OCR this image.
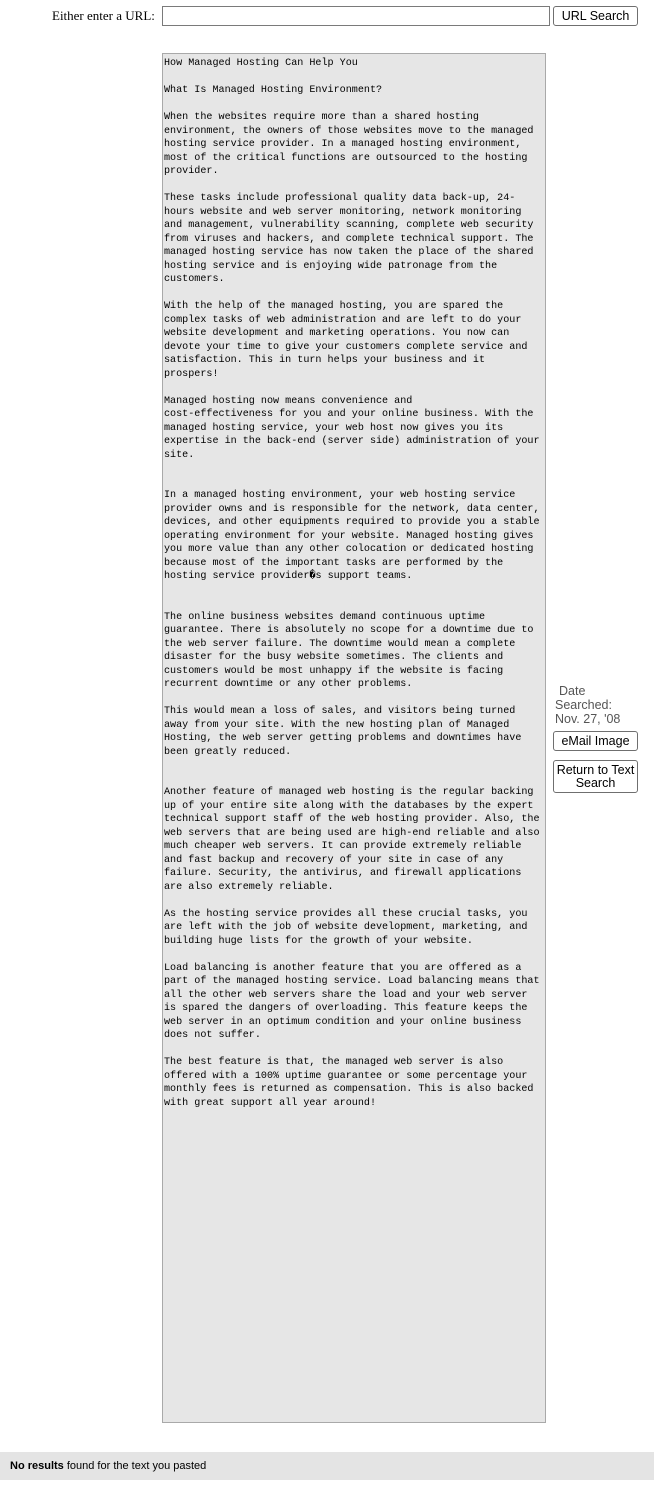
Either enter a URL:	URL Search
How Managed Hosting Can Help You What Is Managed Hosting Environment? When the websites require more than a shared hosting environment, the owners of those websites move to the managed hosting service provider. In a managed hosting environment, most of the critical functions are outsourced to the hosting provider. These tasks include professional quality data back-up, 24-hours website and web server monitoring, network monitoring and management, vulnerability scanning, complete web security from viruses and hackers, and complete technical support. The managed hosting service has now taken the place of the shared hosting service and is enjoying wide patronage from the customers. With the help of the managed hosting, you are spared the complex tasks of web administration and are left to do your website development and marketing operations. You now can devote your time to give your customers complete service and satisfaction. This in turn helps your business and it prospers! Managed hosting now means convenience and cost-effectiveness for you and your online business. With the managed hosting service, your web host now gives you its expertise in the back-end (server side) administration of your site. In a managed hosting environment, your web hosting service provider owns and is responsible for the network, data center, devices, and other equipments required to provide you a stable operating environment for your website. Managed hosting gives you more value than any other colocation or dedicated hosting because most of the important tasks are performed by the hosting service provider�s support teams. The online business websites demand continuous uptime guarantee. There is absolutely no scope for a downtime due to the web server failure. The downtime would mean a complete disaster for the busy website sometimes. The clients and customers would be most unhappy if the website is facing recurrent downtime or any other problems. This would mean a loss of sales, and visitors being turned away from your site. With the new hosting plan of Managed Hosting, the web server getting problems and downtimes have been greatly reduced. Another feature of managed web hosting is the regular backing up of your entire site along with the databases by the expert technical support staff of the web hosting provider. Also, the web servers that are being used are high-end reliable and also much cheaper web servers. It can provide extremely reliable and fast backup and recovery of your site in case of any failure. Security, the antivirus, and firewall applications are also extremely reliable. As the hosting service provides all these crucial tasks, you are left with the job of website development, marketing, and building huge lists for the growth of your website. Load balancing is another feature that you are offered as a part of the managed hosting service. Load balancing means that all the other web servers share the load and your web server is spared the dangers of overloading. This feature keeps the web server in an optimum condition and your online business does not suffer. The best feature is that, the managed web server is also offered with a 100% uptime guarantee or some percentage your monthly fees is returned as compensation. This is also backed with great support all year around!

Date
Searched:
Nov. 27, '08

eMail Image
Return to Text Search
No results found for the text you pasted
